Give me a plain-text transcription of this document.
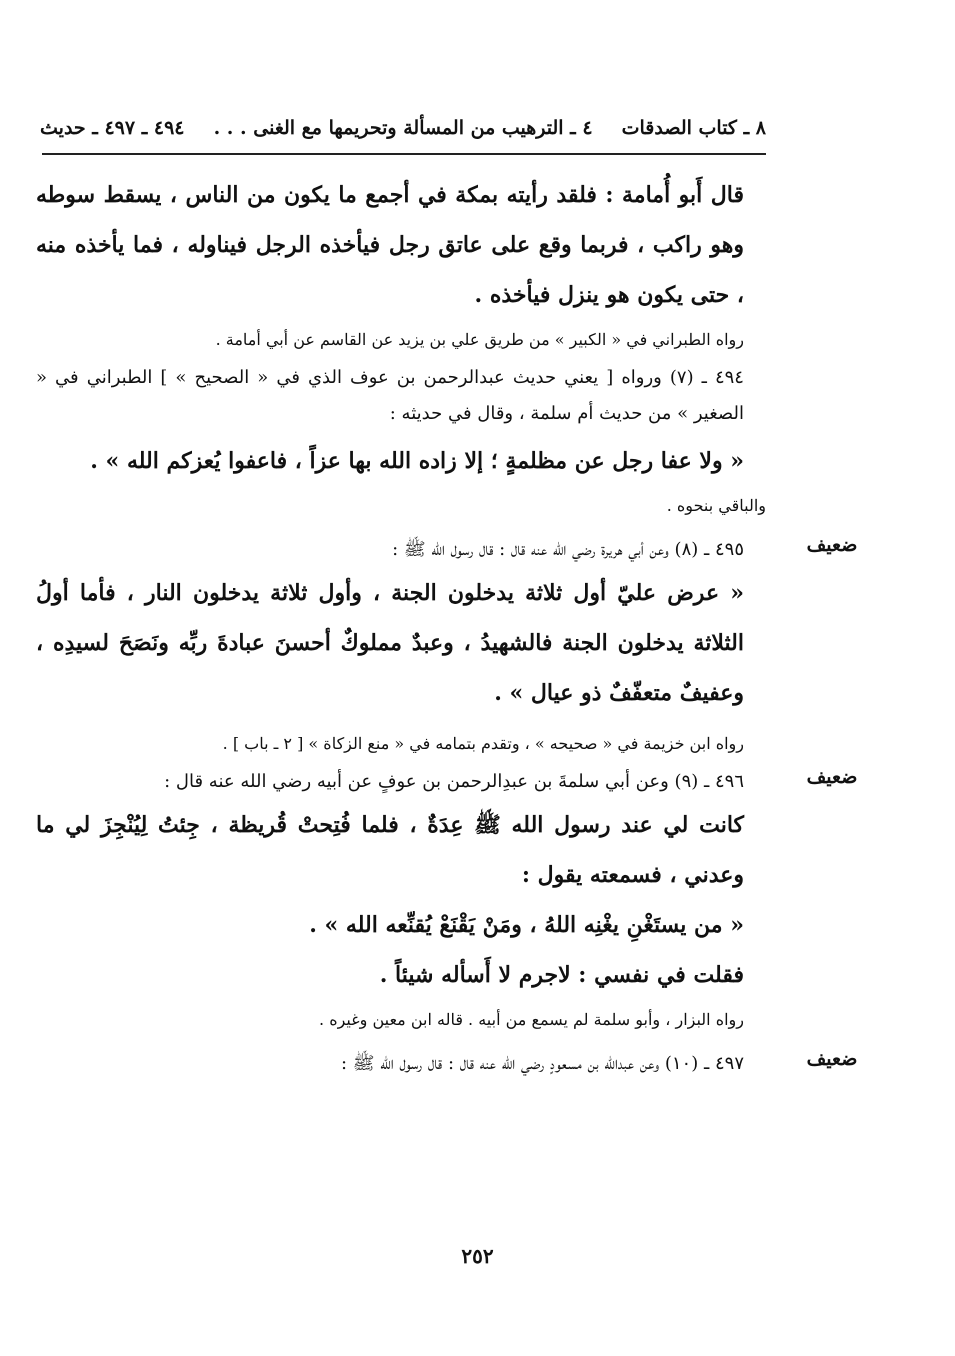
٨ ـ كتاب الصدقات
٤ ـ الترهيب من المسألة وتحريمها مع الغنى . . .
٤٩٤ ـ ٤٩٧ ـ حديث

قال أَبو أُمامة : فلقد رأيته بمكة في أجمع ما يكون من الناس ، يسقط سوطه وهو راكب ، فربما وقع على عاتق رجل فيأخذه الرجل فيناوله ، فما يأخذه منه ، حتى يكون هو ينزل فيأخذه .

رواه الطبراني في « الكبير » من طريق علي بن يزيد عن القاسم عن أبي أمامة .

٤٩٤ ـ (٧) ورواه [ يعني حديث عبدالرحمن بن عوف الذي في « الصحيح » ] الطبراني في « الصغير » من حديث أم سلمة ، وقال في حديثه :

« ولا عفا رجل عن مظلمةٍ ؛ إلا زاده الله بها عزاً ، فاعفوا يُعزكم الله » .

والباقي بنحوه .

ضعيف

٤٩٥ ـ (٨) وعن أبي هريرة رضي الله عنه قال : قال رسول الله ﷺ :

« عرض عليّ أول ثلاثة يدخلون الجنة ، وأول ثلاثة يدخلون النار ، فأما أولُ الثلاثة يدخلون الجنة فالشهيدُ ، وعبدٌ مملوكٌ أحسنَ عبادةَ ربِّه ونَصَحَ لسيدِه ، وعفيفٌ متعفّفٌ ذو عيال » .

رواه ابن خزيمة في « صحيحه » ، وتقدم بتمامه في « منع الزكاة » [ ٢ ـ باب ] .

ضعيف

٤٩٦ ـ (٩) وعن أبي سلمةَ بن عبدِالرحمن بن عوفٍ عن أبيه رضي الله عنه قال :

كانت لي عند رسول الله ﷺ عِدَةٌ ، فلما فُتِحتْ قُريظة ، جِئتُ لِيُنْجِزَ لي ما وعدني ، فسمعته يقول :

« من يستَغْنِ يغْنِه اللهُ ، ومَنْ يَقْنَعْ يُقنِّعه الله » .

فقلت في نفسي : لاجرم لا أَسأله شيئاً .

رواه البزار ، وأبو سلمة لم يسمع من أبيه . قاله ابن معين وغيره .

ضعيف

٤٩٧ ـ (١٠) وعن عبدالله بن مسعودٍ رضي الله عنه قال : قال رسول الله ﷺ :

٢٥٢
